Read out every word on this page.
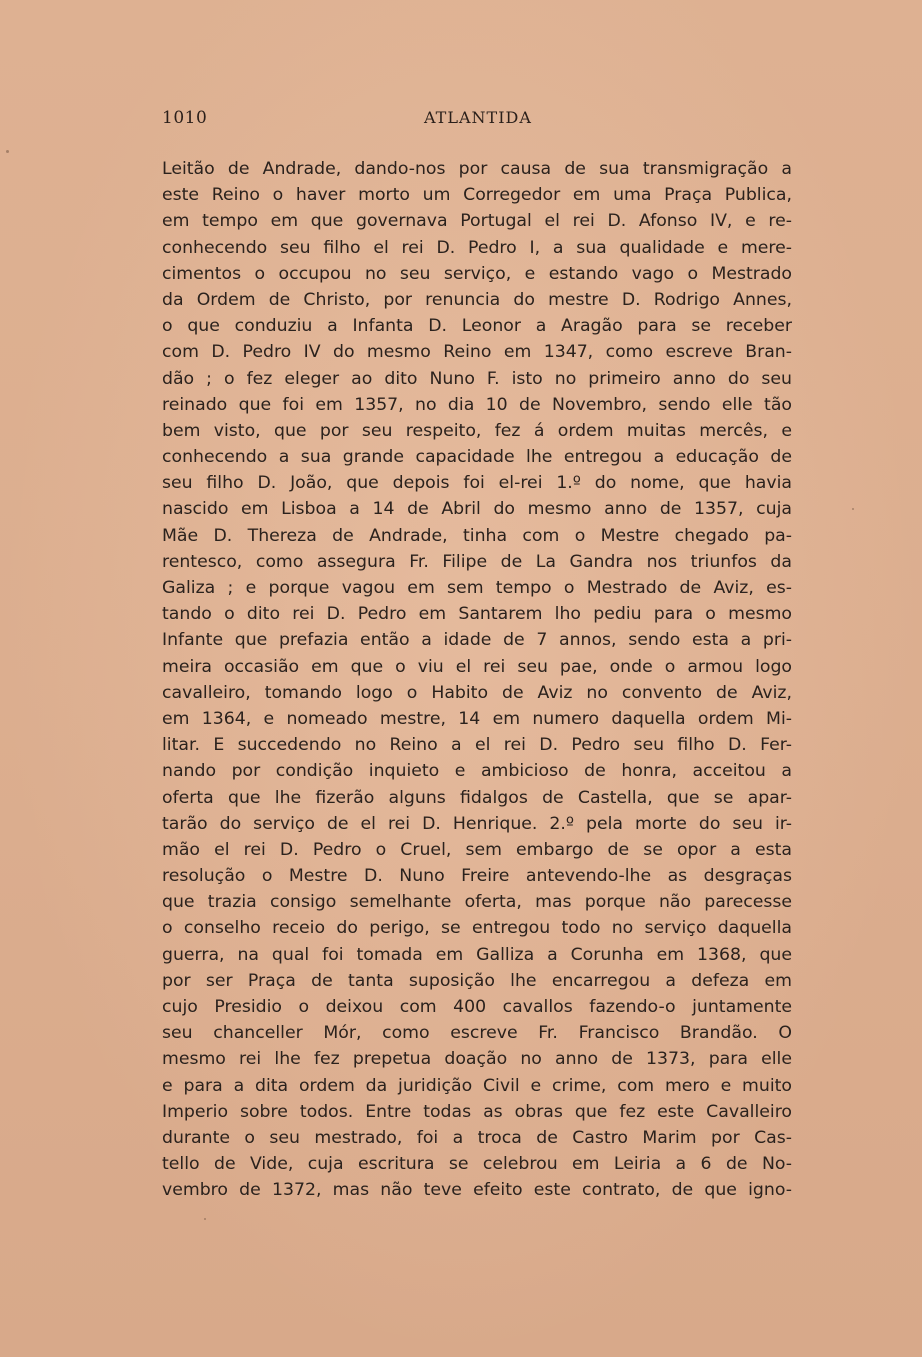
1010	ATLANTIDA
Leitão de Andrade, dando-nos por causa de sua transmigração a
este Reino o haver morto um Corregedor em uma Praça Publica,
em tempo em que governava Portugal el rei D. Afonso IV, e re-
conhecendo seu filho el rei D. Pedro I, a sua qualidade e mere-
cimentos o occupou no seu serviço, e estando vago o Mestrado
da Ordem de Christo, por renuncia do mestre D. Rodrigo Annes,
o que conduziu a Infanta D. Leonor a Aragão para se receber
com D. Pedro IV do mesmo Reino em 1347, como escreve Bran-
dão ; o fez eleger ao dito Nuno F. isto no primeiro anno do seu
reinado que foi em 1357, no dia 10 de Novembro, sendo elle tão
bem visto, que por seu respeito, fez á ordem muitas mercês, e
conhecendo a sua grande capacidade lhe entregou a educação de
seu filho D. João, que depois foi el-rei 1.º do nome, que havia
nascido em Lisboa a 14 de Abril do mesmo anno de 1357, cuja
Mãe D. Thereza de Andrade, tinha com o Mestre chegado pa-
rentesco, como assegura Fr. Filipe de La Gandra nos triunfos da
Galiza ; e porque vagou em sem tempo o Mestrado de Aviz, es-
tando o dito rei D. Pedro em Santarem lho pediu para o mesmo
Infante que prefazia então a idade de 7 annos, sendo esta a pri-
meira occasião em que o viu el rei seu pae, onde o armou logo
cavalleiro, tomando logo o Habito de Aviz no convento de Aviz,
em 1364, e nomeado mestre, 14 em numero daquella ordem Mi-
litar. E succedendo no Reino a el rei D. Pedro seu filho D. Fer-
nando por condição inquieto e ambicioso de honra, acceitou a
oferta que lhe fizerão alguns fidalgos de Castella, que se apar-
tarão do serviço de el rei D. Henrique. 2.º pela morte do seu ir-
mão el rei D. Pedro o Cruel, sem embargo de se opor a esta
resolução o Mestre D. Nuno Freire antevendo-lhe as desgraças
que trazia consigo semelhante oferta, mas porque não parecesse
o conselho receio do perigo, se entregou todo no serviço daquella
guerra, na qual foi tomada em Galliza a Corunha em 1368, que
por ser Praça de tanta suposição lhe encarregou a defeza em
cujo Presidio o deixou com 400 cavallos fazendo-o juntamente
seu chanceller Mór, como escreve Fr. Francisco Brandão. O
mesmo rei lhe fez prepetua doação no anno de 1373, para elle
e para a dita ordem da juridição Civil e crime, com mero e muito
Imperio sobre todos. Entre todas as obras que fez este Cavalleiro
durante o seu mestrado, foi a troca de Castro Marim por Cas-
tello de Vide, cuja escritura se celebrou em Leiria a 6 de No-
vembro de 1372, mas não teve efeito este contrato, de que igno-
